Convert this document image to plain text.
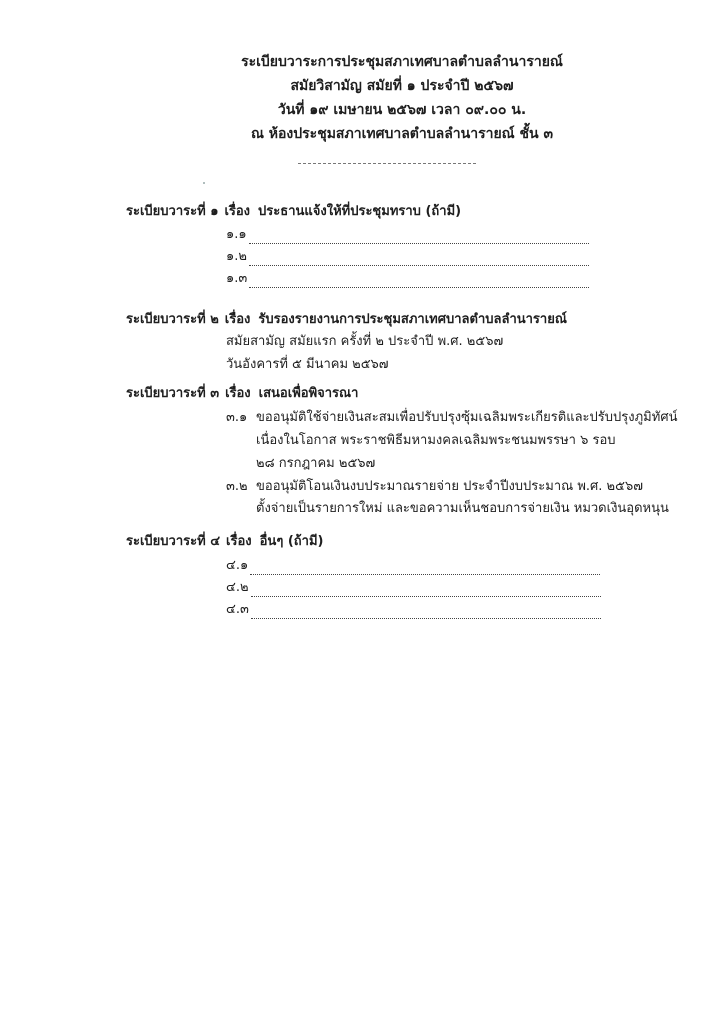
ระเบียบวาระการประชุมสภาเทศบาลตำบลลำนารายณ์
สมัยวิสามัญ สมัยที่ ๑ ประจำปี ๒๕๖๗
วันที่ ๑๙ เมษายน ๒๕๖๗ เวลา ๐๙.๐๐ น.
ณ ห้องประชุมสภาเทศบาลตำบลลำนารายณ์ ชั้น ๓
ระเบียบวาระที่ ๑ เรื่อง ประธานแจ้งให้ที่ประชุมทราบ (ถ้ามี)
๑.๑
๑.๒
๑.๓
ระเบียบวาระที่ ๒ เรื่อง รับรองรายงานการประชุมสภาเทศบาลตำบลลำนารายณ์
สมัยสามัญ สมัยแรก ครั้งที่ ๒ ประจำปี พ.ศ. ๒๕๖๗
วันอังคารที่ ๕ มีนาคม ๒๕๖๗
ระเบียบวาระที่ ๓ เรื่อง เสนอเพื่อพิจารณา
๓.๑ ขออนุมัติใช้จ่ายเงินสะสมเพื่อปรับปรุงซุ้มเฉลิมพระเกียรติและปรับปรุงภูมิทัศน์
เนื่องในโอกาส พระราชพิธีมหามงคลเฉลิมพระชนมพรรษา ๖ รอบ
๒๘ กรกฎาคม ๒๕๖๗
๓.๒ ขออนุมัติโอนเงินงบประมาณรายจ่าย ประจำปีงบประมาณ พ.ศ. ๒๕๖๗
ตั้งจ่ายเป็นรายการใหม่ และขอความเห็นชอบการจ่ายเงิน หมวดเงินอุดหนุน
ระเบียบวาระที่ ๔ เรื่อง อื่นๆ (ถ้ามี)
๔.๑
๔.๒
๔.๓
